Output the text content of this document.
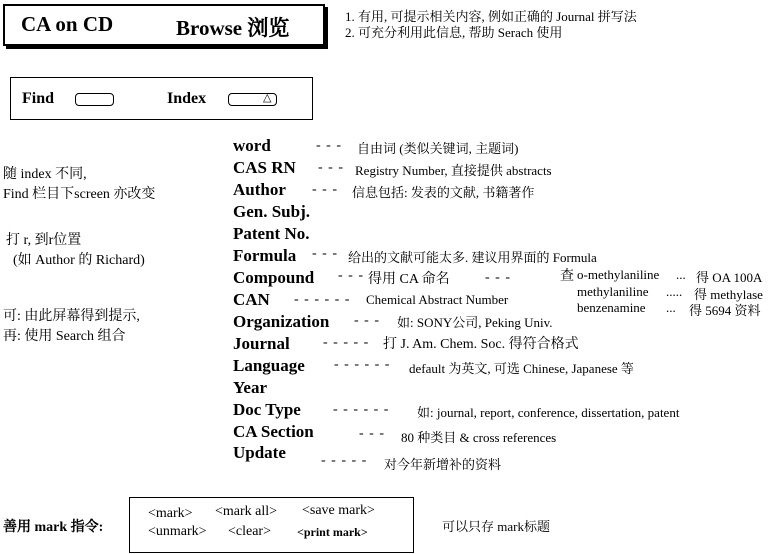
CA on CD	Browse 浏览	1. 有用, 可提示相关内容, 例如正确的 Journal 拼写法
2. 可充分利用此信息, 帮助 Serach 使用
Find	Index	△
随 index 不同,
Find 栏目下screen 亦改变
打 r, 到r位置
(如 Author 的 Richard)
可: 由此屏幕得到提示,
再: 使用 Search 组合
word	- - - 自由词 (类似关键词, 主题词)
CAS RN - - - Registry Number, 直接提供 abstracts
Author - - - 信息包括: 发表的文献, 书籍著作
Gen. Subj.
Patent No.
Formula - - - 给出的文献可能太多. 建议用界面的 Formula
Compound - - - 得用 CA 命名	- - -	查 o-methylaniline ... 得 OA 100A
methylaniline ..... 得 methylase
benzenamine ... 得 5694 资料
CAN - - - - - - Chemical Abstract Number
Organization - - - 如: SONY公司, Peking Univ.
Journal - - - - - 打 J. Am. Chem. Soc. 得符合格式
Language - - - - - - default 为英文, 可选 Chinese, Japanese 等
Year
Doc Type - - - - - - 如: journal, report, conference, dissertation, patent
CA Section	- - - 80 种类目 & cross references
Update	- - - - - 对今年新增补的资料
善用 mark 指令:
<mark> <mark all> <save mark>
<unmark> <clear> <print mark>	可以只存 mark标题
